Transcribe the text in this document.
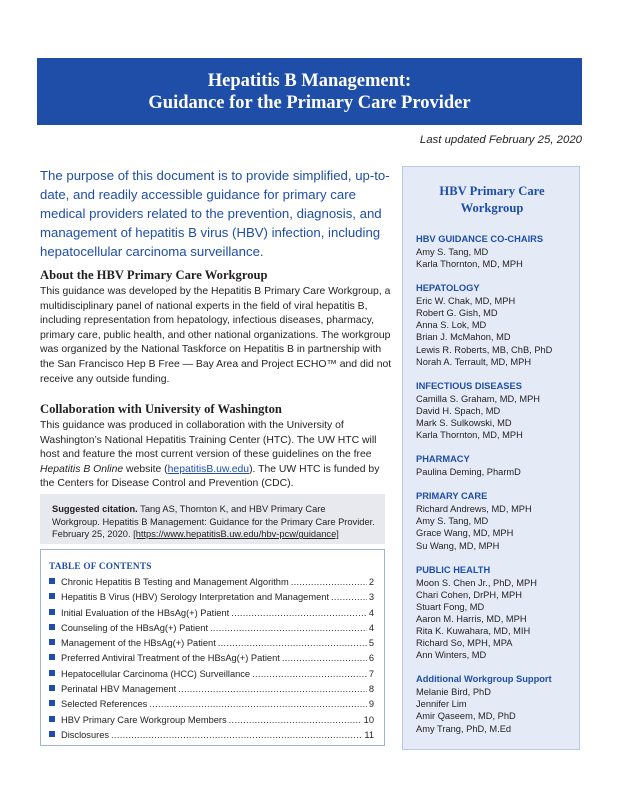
Hepatitis B Management:
Guidance for the Primary Care Provider
Last updated February 25, 2020
The purpose of this document is to provide simplified, up-to-date, and readily accessible guidance for primary care medical providers related to the prevention, diagnosis, and management of hepatitis B virus (HBV) infection, including hepatocellular carcinoma surveillance.
About the HBV Primary Care Workgroup
This guidance was developed by the Hepatitis B Primary Care Workgroup, a multidisciplinary panel of national experts in the field of viral hepatitis B, including representation from hepatology, infectious diseases, pharmacy, primary care, public health, and other national organizations. The workgroup was organized by the National Taskforce on Hepatitis B in partnership with the San Francisco Hep B Free — Bay Area and Project ECHO™ and did not receive any outside funding.
Collaboration with University of Washington
This guidance was produced in collaboration with the University of Washington’s National Hepatitis Training Center (HTC). The UW HTC will host and feature the most current version of these guidelines on the free Hepatitis B Online website (hepatitisB.uw.edu). The UW HTC is funded by the Centers for Disease Control and Prevention (CDC).
Suggested citation. Tang AS, Thornton K, and HBV Primary Care Workgroup. Hepatitis B Management: Guidance for the Primary Care Provider. February 25, 2020. [https://www.hepatitisB.uw.edu/hbv-pcw/guidance]
TABLE OF CONTENTS
Chronic Hepatitis B Testing and Management Algorithm .....	2
Hepatitis B Virus (HBV) Serology Interpretation and Management .....	3
Initial Evaluation of the HBsAg(+) Patient .....	4
Counseling of the HBsAg(+) Patient .....	4
Management of the HBsAg(+) Patient .....	5
Preferred Antiviral Treatment of the HBsAg(+) Patient .....	6
Hepatocellular Carcinoma (HCC) Surveillance .....	7
Perinatal HBV Management .....	8
Selected References .....	9
HBV Primary Care Workgroup Members .....	10
Disclosures .....	11
HBV Primary Care
Workgroup
HBV GUIDANCE CO-CHAIRS
Amy S. Tang, MD
Karla Thornton, MD, MPH
HEPATOLOGY
Eric W. Chak, MD, MPH
Robert G. Gish, MD
Anna S. Lok, MD
Brian J. McMahon, MD
Lewis R. Roberts, MB, ChB, PhD
Norah A. Terrault, MD, MPH
INFECTIOUS DISEASES
Camilla S. Graham, MD, MPH
David H. Spach, MD
Mark S. Sulkowski, MD
Karla Thornton, MD, MPH
PHARMACY
Paulina Deming, PharmD
PRIMARY CARE
Richard Andrews, MD, MPH
Amy S. Tang, MD
Grace Wang, MD, MPH
Su Wang, MD, MPH
PUBLIC HEALTH
Moon S. Chen Jr., PhD, MPH
Chari Cohen, DrPH, MPH
Stuart Fong, MD
Aaron M. Harris, MD, MPH
Rita K. Kuwahara, MD, MIH
Richard So, MPH, MPA
Ann Winters, MD
Additional Workgroup Support
Melanie Bird, PhD
Jennifer Lim
Amir Qaseem, MD, PhD
Amy Trang, PhD, M.Ed
